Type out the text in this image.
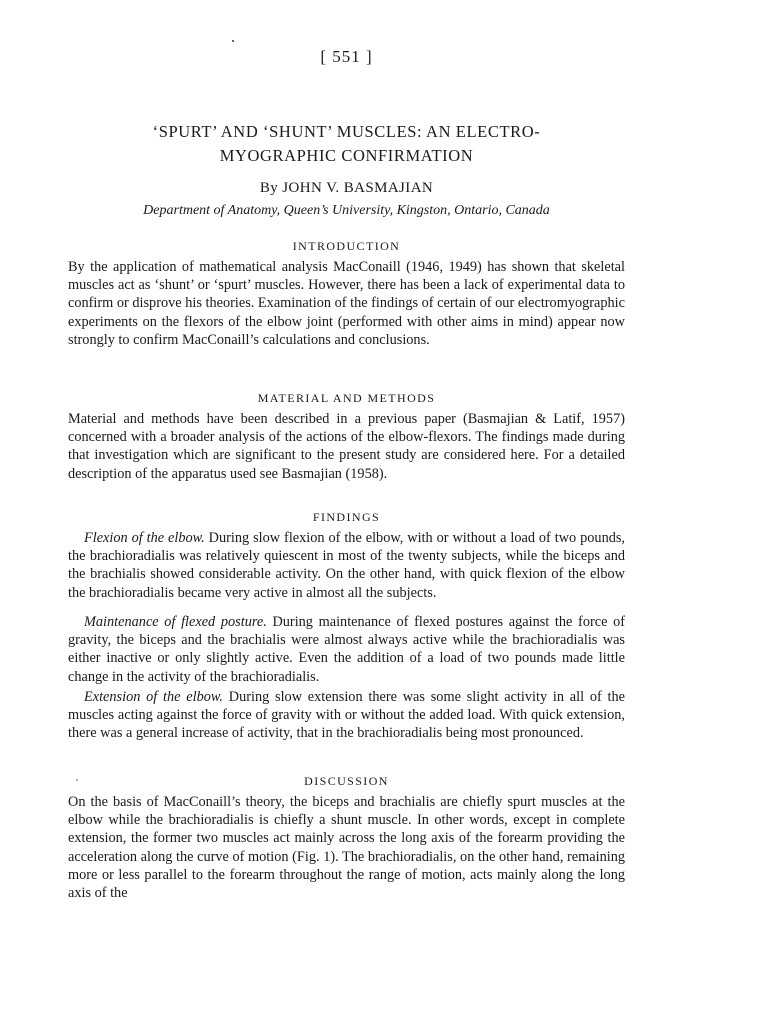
[ 551 ]
‘SPURT’ AND ‘SHUNT’ MUSCLES: AN ELECTRO-
MYOGRAPHIC CONFIRMATION
By JOHN V. BASMAJIAN
Department of Anatomy, Queen’s University, Kingston, Ontario, Canada
INTRODUCTION
By the application of mathematical analysis MacConaill (1946, 1949) has shown that skeletal muscles act as ‘shunt’ or ‘spurt’ muscles. However, there has been a lack of experimental data to confirm or disprove his theories. Examination of the findings of certain of our electromyographic experiments on the flexors of the elbow joint (performed with other aims in mind) appear now strongly to confirm MacConaill’s calculations and conclusions.
MATERIAL AND METHODS
Material and methods have been described in a previous paper (Basmajian & Latif, 1957) concerned with a broader analysis of the actions of the elbow-flexors. The findings made during that investigation which are significant to the present study are considered here. For a detailed description of the apparatus used see Basmajian (1958).
FINDINGS
Flexion of the elbow. During slow flexion of the elbow, with or without a load of two pounds, the brachioradialis was relatively quiescent in most of the twenty subjects, while the biceps and the brachialis showed considerable activity. On the other hand, with quick flexion of the elbow the brachioradialis became very active in almost all the subjects.
Maintenance of flexed posture. During maintenance of flexed postures against the force of gravity, the biceps and the brachialis were almost always active while the brachioradialis was either inactive or only slightly active. Even the addition of a load of two pounds made little change in the activity of the brachioradialis.
Extension of the elbow. During slow extension there was some slight activity in all of the muscles acting against the force of gravity with or without the added load. With quick extension, there was a general increase of activity, that in the brachioradialis being most pronounced.
DISCUSSION
On the basis of MacConaill’s theory, the biceps and brachialis are chiefly spurt muscles at the elbow while the brachioradialis is chiefly a shunt muscle. In other words, except in complete extension, the former two muscles act mainly across the long axis of the forearm providing the acceleration along the curve of motion (Fig. 1). The brachioradialis, on the other hand, remaining more or less parallel to the forearm throughout the range of motion, acts mainly along the long axis of the
